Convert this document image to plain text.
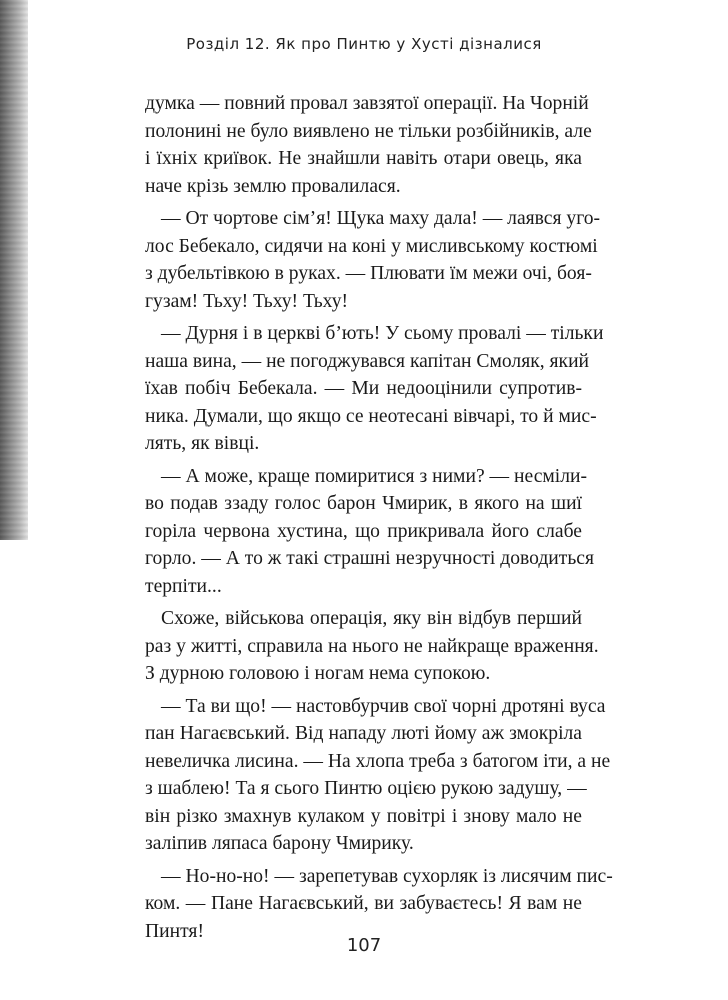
Розділ 12. Як про Пинтю у Хусті дізналися
думка — повний провал завзятої операції. На Чорній
полонині не було виявлено не тільки розбійників, але
і їхніх криївок. Не знайшли навіть отари овець, яка
наче крізь землю провалилася.
— От чортове сім’я! Щука маху дала! — лаявся уго-
лос Бебекало, сидячи на коні у мисливському костюмі
з дубельтівкою в руках. — Плювати їм межи очі, боя-
гузам! Тьху! Тьху! Тьху!
— Дурня і в церкві б’ють! У сьому провалі — тільки
наша вина, — не погоджувався капітан Смоляк, який
їхав побіч Бебекала. — Ми недооцінили супротив-
ника. Думали, що якщо се неотесані вівчарі, то й мис-
лять, як вівці.
— А може, краще помиритися з ними? — несміли-
во подав ззаду голос барон Чмирик, в якого на шиї
горіла червона хустина, що прикривала його слабе
горло. — А то ж такі страшні незручності доводиться
терпіти...
Схоже, військова операція, яку він відбув перший
раз у житті, справила на нього не найкраще враження.
З дурною головою і ногам нема супокою.
— Та ви що! — настовбурчив свої чорні дротяні вуса
пан Нагаєвський. Від нападу люті йому аж змокріла
невеличка лисина. — На хлопа треба з батогом іти, а не
з шаблею! Та я сього Пинтю оцією рукою задушу, —
він різко змахнув кулаком у повітрі і знову мало не
заліпив ляпаса барону Чмирику.
— Но-но-но! — зарепетував сухорляк із лисячим пис-
ком. — Пане Нагаєвський, ви забуваєтесь! Я вам не
Пинтя!
107
